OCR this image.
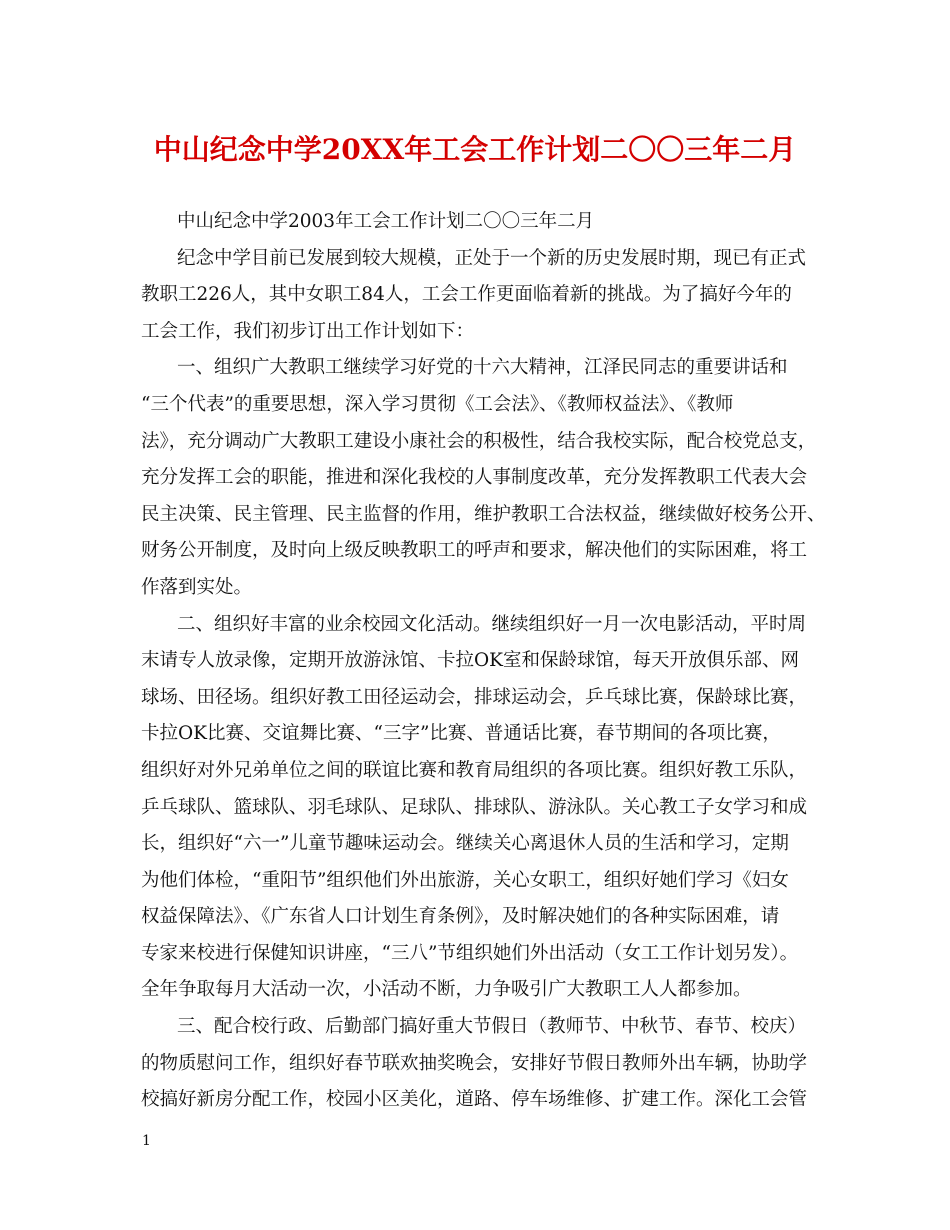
中山纪念中学20XX年工会工作计划二〇〇三年二月
中山纪念中学2003年工会工作计划二〇〇三年二月
纪念中学目前已发展到较大规模，正处于一个新的历史发展时期，现已有正式
教职工226人，其中女职工84人，工会工作更面临着新的挑战。为了搞好今年的
工会工作，我们初步订出工作计划如下：
一、组织广大教职工继续学习好党的十六大精神，江泽民同志的重要讲话和
“三个代表”的重要思想，深入学习贯彻《工会法》、《教师权益法》、《教师
法》，充分调动广大教职工建设小康社会的积极性，结合我校实际，配合校党总支，
充分发挥工会的职能，推进和深化我校的人事制度改革，充分发挥教职工代表大会
民主决策、民主管理、民主监督的作用，维护教职工合法权益，继续做好校务公开、
财务公开制度，及时向上级反映教职工的呼声和要求，解决他们的实际困难，将工
作落到实处。
二、组织好丰富的业余校园文化活动。继续组织好一月一次电影活动，平时周
末请专人放录像，定期开放游泳馆、卡拉OK室和保龄球馆，每天开放俱乐部、网
球场、田径场。组织好教工田径运动会，排球运动会，乒乓球比赛，保龄球比赛，
卡拉OK比赛、交谊舞比赛、“三字”比赛、普通话比赛，春节期间的各项比赛，
组织好对外兄弟单位之间的联谊比赛和教育局组织的各项比赛。组织好教工乐队，
乒乓球队、篮球队、羽毛球队、足球队、排球队、游泳队。关心教工子女学习和成
长，组织好“六一”儿童节趣味运动会。继续关心离退休人员的生活和学习，定期
为他们体检，“重阳节”组织他们外出旅游，关心女职工，组织好她们学习《妇女
权益保障法》、《广东省人口计划生育条例》，及时解决她们的各种实际困难，请
专家来校进行保健知识讲座，“三八”节组织她们外出活动（女工工作计划另发）。
全年争取每月大活动一次，小活动不断，力争吸引广大教职工人人都参加。
三、配合校行政、后勤部门搞好重大节假日（教师节、中秋节、春节、校庆）
的物质慰问工作，组织好春节联欢抽奖晚会，安排好节假日教师外出车辆，协助学
校搞好新房分配工作，校园小区美化，道路、停车场维修、扩建工作。深化工会管
1
